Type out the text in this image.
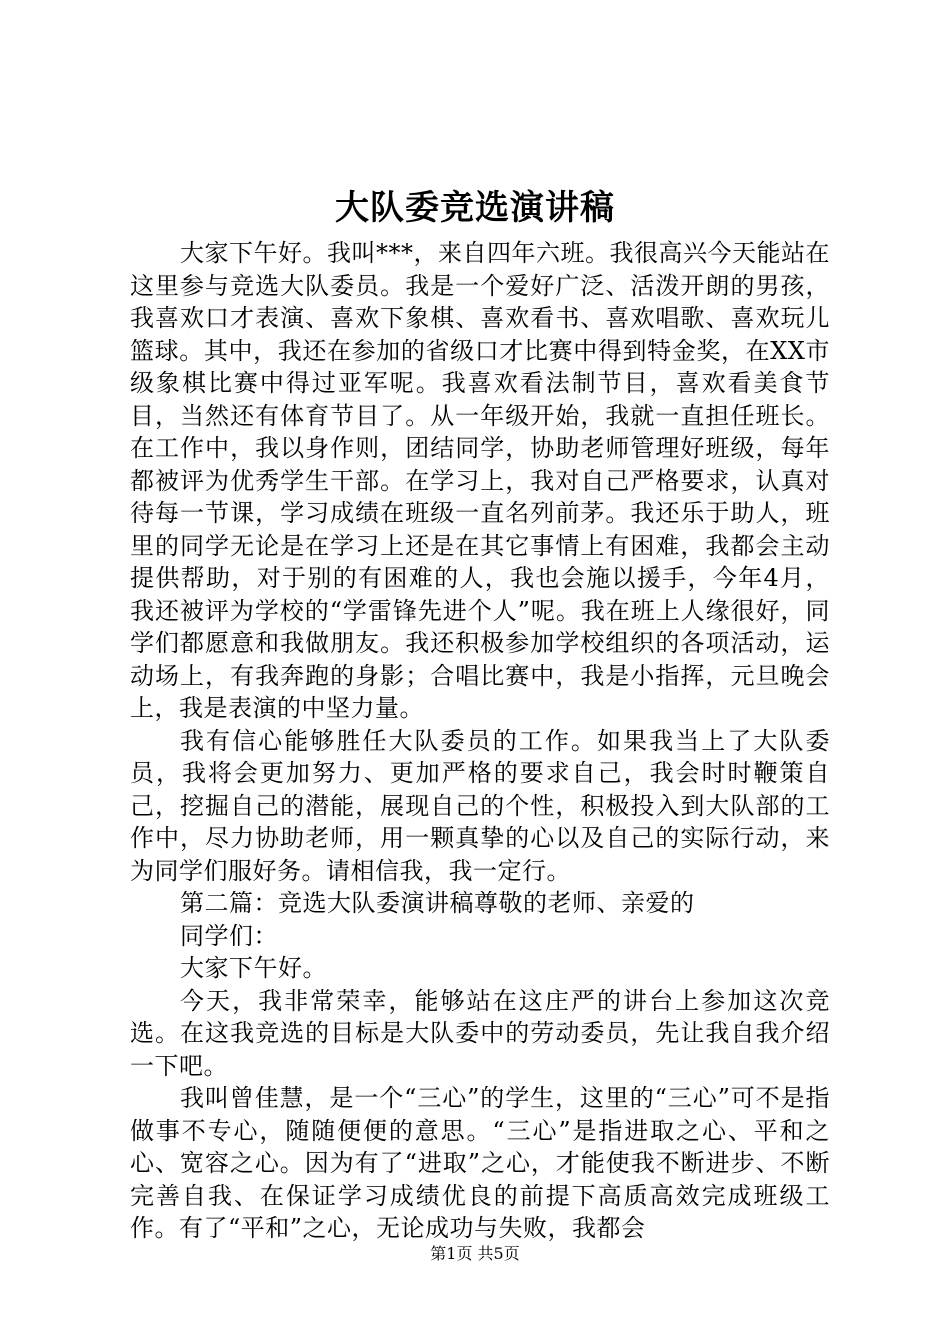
大队委竞选演讲稿

大家下午好。我叫***，来自四年六班。我很高兴今天能站在这里参与竞选大队委员。我是一个爱好广泛、活泼开朗的男孩，我喜欢口才表演、喜欢下象棋、喜欢看书、喜欢唱歌、喜欢玩儿篮球。其中，我还在参加的省级口才比赛中得到特金奖，在XX市级象棋比赛中得过亚军呢。我喜欢看法制节目，喜欢看美食节目，当然还有体育节目了。从一年级开始，我就一直担任班长。在工作中，我以身作则，团结同学，协助老师管理好班级，每年都被评为优秀学生干部。在学习上，我对自己严格要求，认真对待每一节课，学习成绩在班级一直名列前茅。我还乐于助人，班里的同学无论是在学习上还是在其它事情上有困难，我都会主动提供帮助，对于别的有困难的人，我也会施以援手，今年4月，我还被评为学校的“学雷锋先进个人”呢。我在班上人缘很好，同学们都愿意和我做朋友。我还积极参加学校组织的各项活动，运动场上，有我奔跑的身影；合唱比赛中，我是小指挥，元旦晚会上，我是表演的中坚力量。

我有信心能够胜任大队委员的工作。如果我当上了大队委员，我将会更加努力、更加严格的要求自己，我会时时鞭策自己，挖掘自己的潜能，展现自己的个性，积极投入到大队部的工作中，尽力协助老师，用一颗真挚的心以及自己的实际行动，来为同学们服好务。请相信我，我一定行。

第二篇：竞选大队委演讲稿尊敬的老师、亲爱的

同学们：

大家下午好。

今天，我非常荣幸，能够站在这庄严的讲台上参加这次竞选。在这我竞选的目标是大队委中的劳动委员，先让我自我介绍一下吧。

我叫曾佳慧，是一个“三心”的学生，这里的“三心”可不是指做事不专心，随随便便的意思。“三心”是指进取之心、平和之心、宽容之心。因为有了“进取”之心，才能使我不断进步、不断完善自我、在保证学习成绩优良的前提下高质高效完成班级工作。有了“平和”之心，无论成功与失败，我都会

第1页 共5页
